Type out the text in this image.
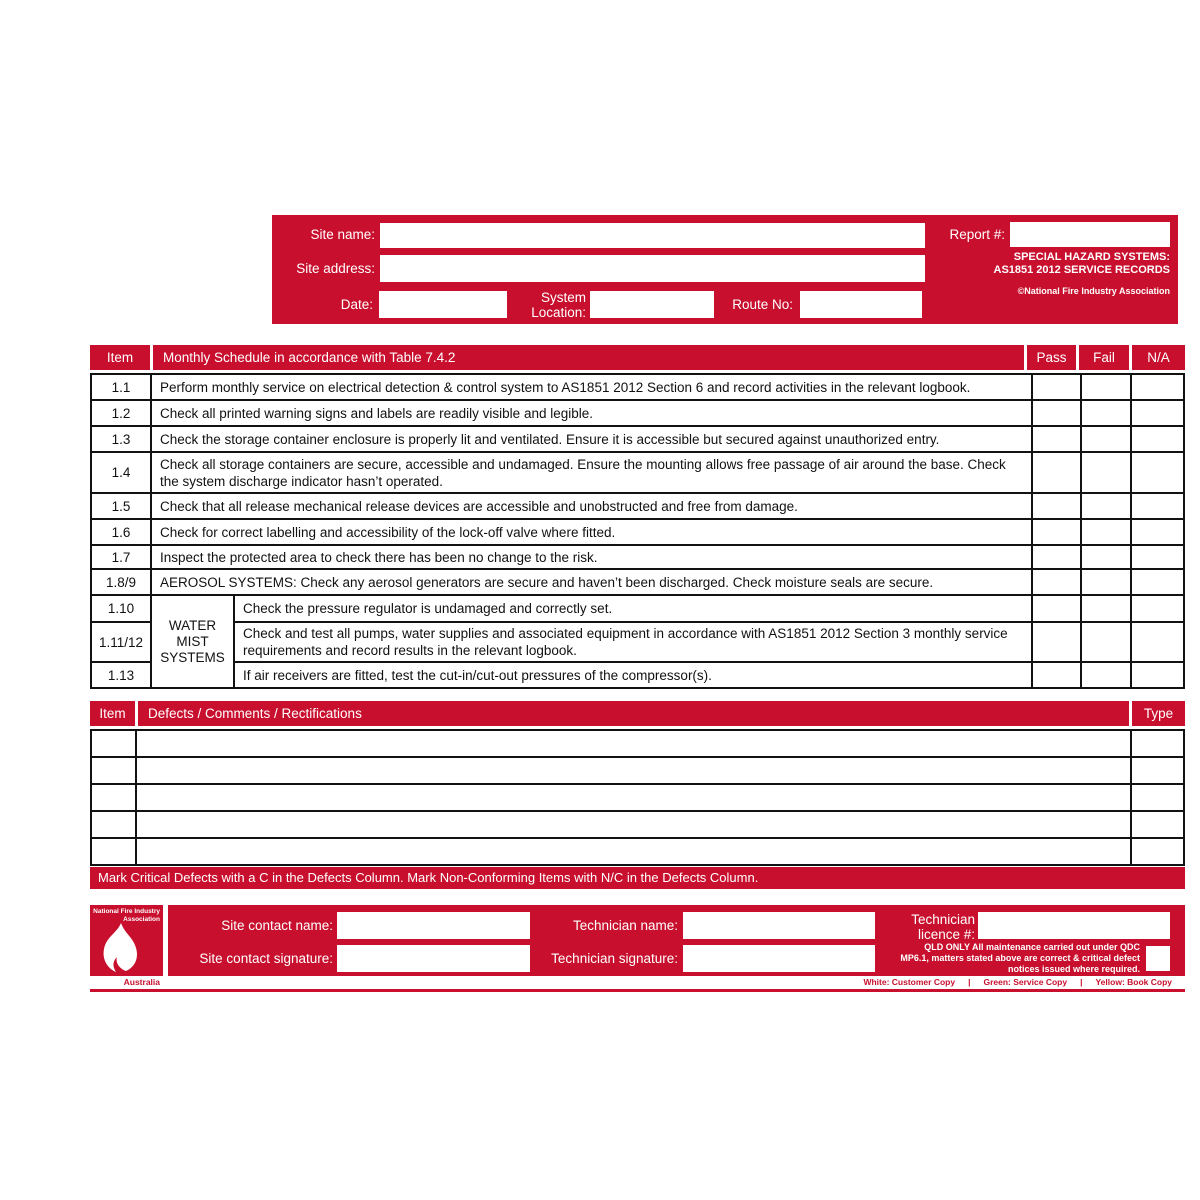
Site name:	Report #:
Site address:
SPECIAL HAZARD SYSTEMS:
AS1851 2012 SERVICE RECORDS
©National Fire Industry Association
Date:	System
Location:
Route No:
Item	Monthly Schedule in accordance with Table 7.4.2	Pass	Fail	N/A
1.1	Perform monthly service on electrical detection & control system to AS1851 2012 Section 6 and record activities in the relevant logbook.				
1.2	Check all printed warning signs and labels are readily visible and legible.				
1.3	Check the storage container enclosure is properly lit and ventilated. Ensure it is accessible but secured against unauthorized entry.				
1.4	Check all storage containers are secure, accessible and undamaged. Ensure the mounting allows free passage of air around the base. Check the system discharge indicator hasn’t operated.				
1.5	Check that all release mechanical release devices are accessible and unobstructed and free from damage.				
1.6	Check for correct labelling and accessibility of the lock-off valve where fitted.				
1.7	Inspect the protected area to check there has been no change to the risk.				
1.8/9	AEROSOL SYSTEMS: Check any aerosol generators are secure and haven’t been discharged. Check moisture seals are secure.				
1.10	WATER MIST SYSTEMS	Check the pressure regulator is undamaged and correctly set.			
1.11/12		Check and test all pumps, water supplies and associated equipment in accordance with AS1851 2012 Section 3 monthly service requirements and record results in the relevant logbook.			
1.13		If air receivers are fitted, test the cut-in/cut-out pressures of the compressor(s).			
Item	Defects / Comments / Rectifications	Type

Mark Critical Defects with a C in the Defects Column. Mark Non-Conforming Items with N/C in the Defects Column.
National Fire Industry
Association
Australia
Site contact name:	Technician name:	Technician
licence #:
Site contact signature:	Technician signature:
QLD ONLY All maintenance carried out under QDC MP6.1, matters stated above are correct & critical defect notices issued where required.
White: Customer Copy | Green: Service Copy | Yellow: Book Copy
